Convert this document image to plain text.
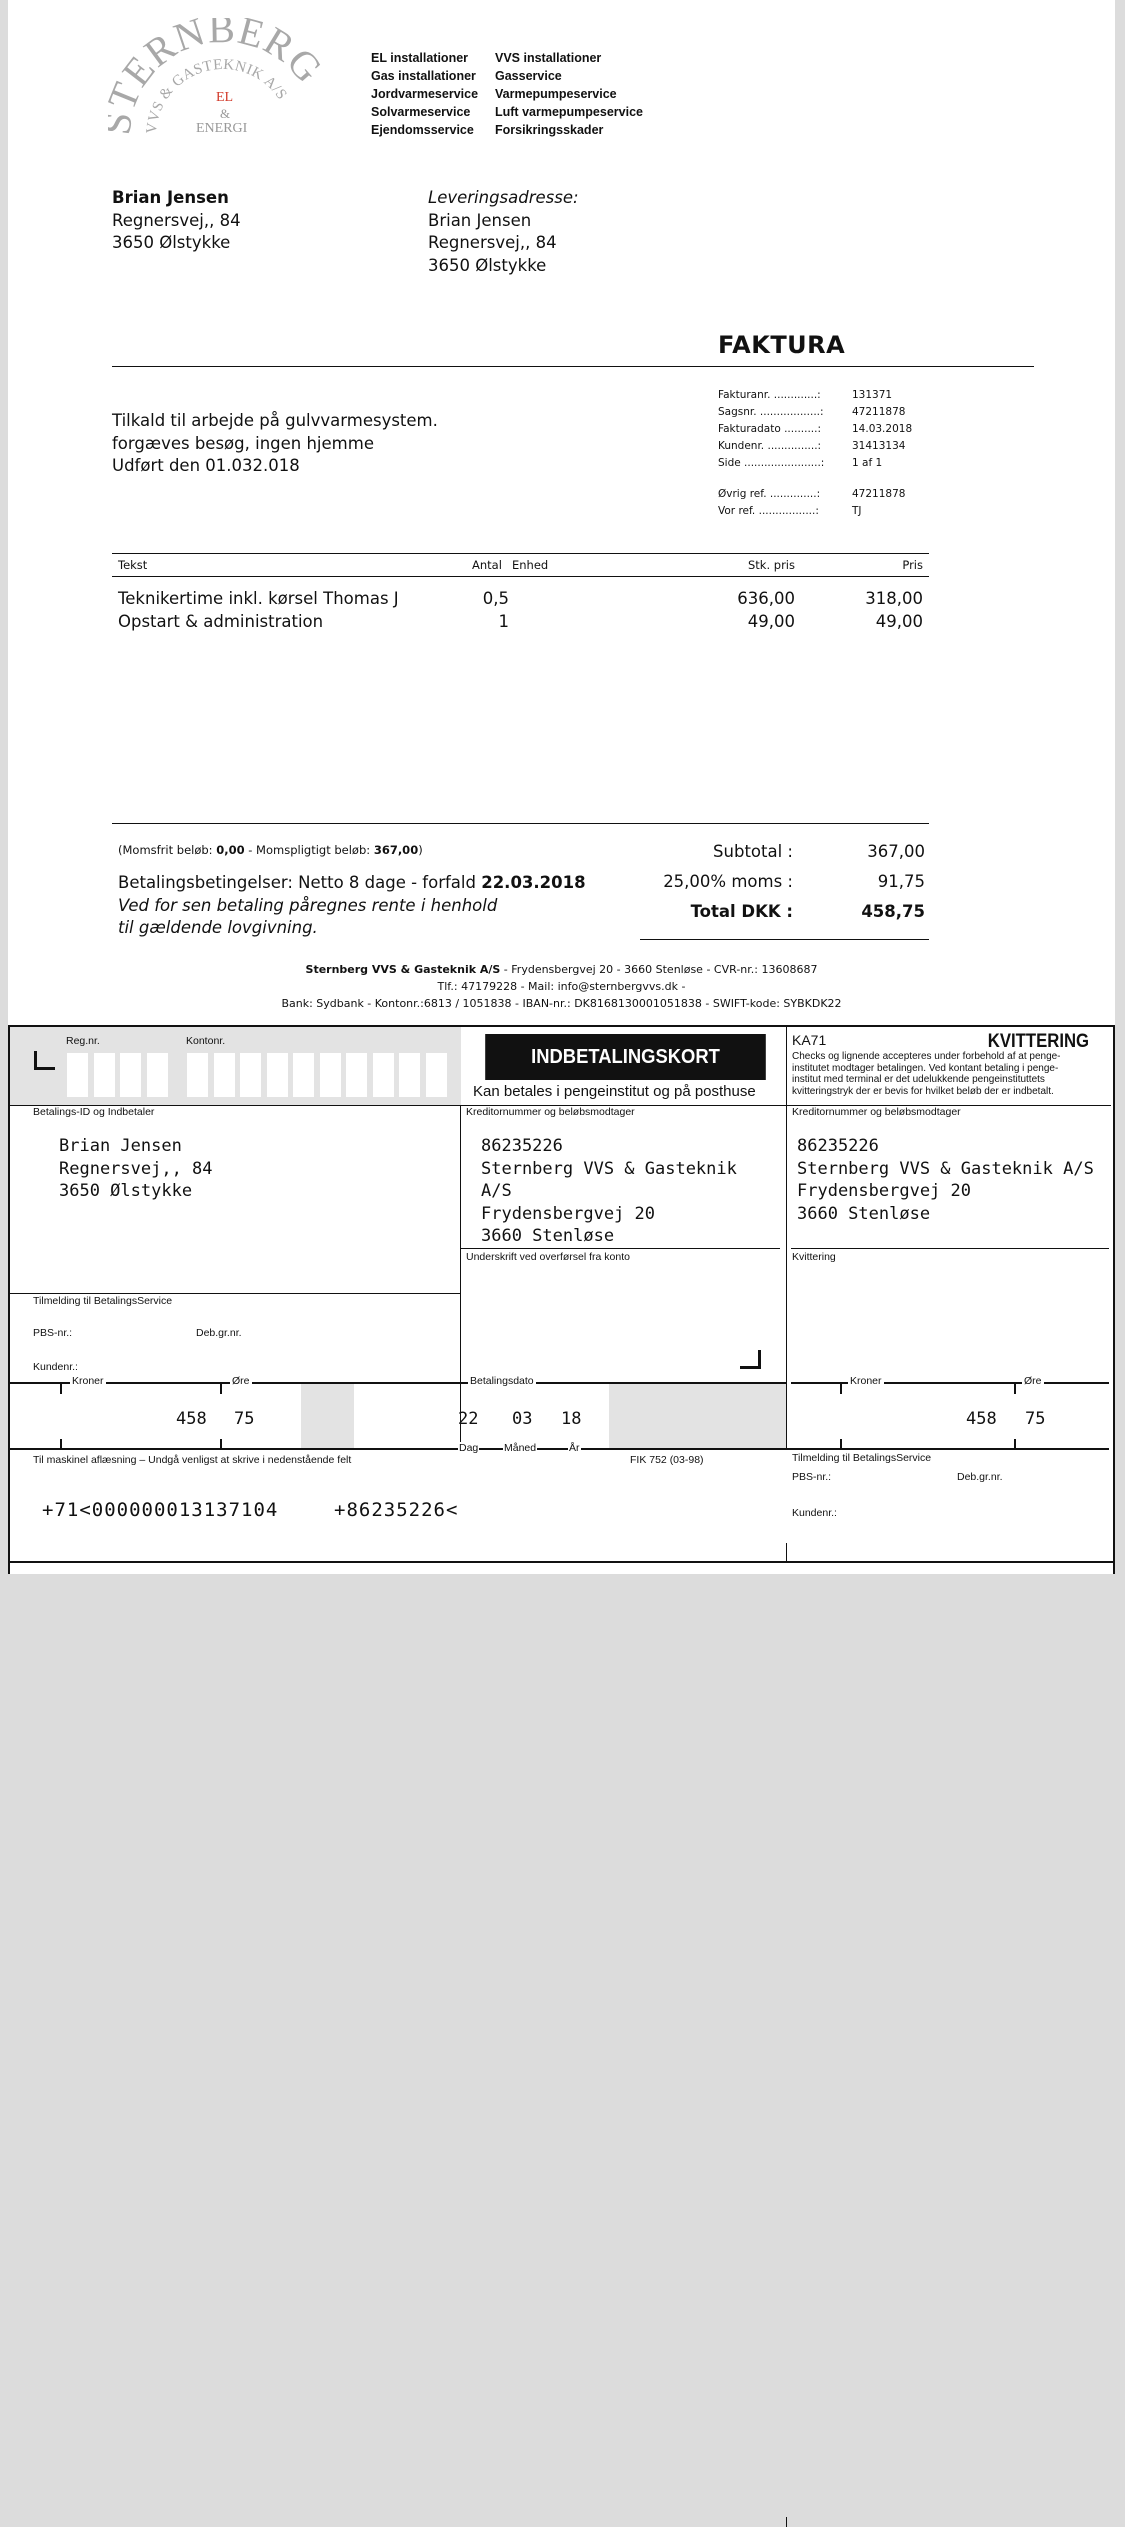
ERNBERG
VVS & GASTEKNIK A/S
EL
&
ENERGI
EL installationer
Gas installationer
Jordvarmeservice
Solvarmeservice
Ejendomsservice
VVS installationer
Gasservice
Varmepumpeservice
Luft varmepumpeservice
Forsikringsskader
Brian Jensen
Regnersvej,, 84
3650 Ølstykke
Leveringsadresse:
Brian Jensen
Regnersvej,, 84
3650 Ølstykke
FAKTURA
Fakturanr. .............:	131371
Sagsnr. ..................:	47211878
Fakturadato ..........:	14.03.2018
Kundenr. ...............:	31413134
Side .......................:	1 af 1
Øvrig ref. ..............:	47211878
Vor ref. .................:	TJ
Tilkald til arbejde på gulvvarmesystem.
forgæves besøg, ingen hjemme
Udført den 01.032.018
Tekst	Antal Enhed	Stk. pris	Pris
Teknikertime inkl. kørsel Thomas J	0,5	636,00	318,00
Opstart & administration	1	49,00	49,00
(Momsfrit beløb: 0,00 - Momspligtigt beløb: 367,00)
Betalingsbetingelser: Netto 8 dage - forfald 22.03.2018
Ved for sen betaling påregnes rente i henhold
til gældende lovgivning.
Subtotal :	367,00
25,00% moms :	91,75
Total DKK :	458,75
Sternberg VVS & Gasteknik A/S - Frydensbergvej 20 - 3660 Stenløse - CVR-nr.: 13608687
Tlf.: 47179228 - Mail: info@sternbergvvs.dk -
Bank: Sydbank - Kontonr.:6813 / 1051838 - IBAN-nr.: DK8168130001051838 - SWIFT-kode: SYBKDK22
Reg.nr.	Kontonr.
INDBETALINGSKORT
Kan betales i pengeinstitut og på posthuse
KA71	KVITTERING
Checks og lignende accepteres under forbehold af at penge-
institutet modtager betalingen. Ved kontant betaling i penge-
institut med terminal er det udelukkende pengeinstituttets
kvitteringstryk der er bevis for hvilket beløb der er indbetalt.
Betalings-ID og Indbetaler
Brian Jensen
Regnersvej,, 84
3650 Ølstykke
Kreditornummer og beløbsmodtager
86235226
Sternberg VVS & Gasteknik
A/S
Frydensbergvej 20
3660 Stenløse
Kreditornummer og beløbsmodtager
86235226
Sternberg VVS & Gasteknik A/S
Frydensbergvej 20
3660 Stenløse
Underskrift ved overførsel fra konto	Kvittering
Tilmelding til BetalingsService
PBS-nr.:	Deb.gr.nr.
Kundenr.:
Kroner	Øre	Betalingsdato	Kroner	Øre
458 75	22 03 18	458 75
Dag Måned	År
Til maskinel aflæsning – Undgå venligst at skrive i nedenstående felt	FIK 752 (03-98)
+71<000000013137104	+86235226<
Tilmelding til BetalingsService
PBS-nr.:	Deb.gr.nr.
Kundenr.:
